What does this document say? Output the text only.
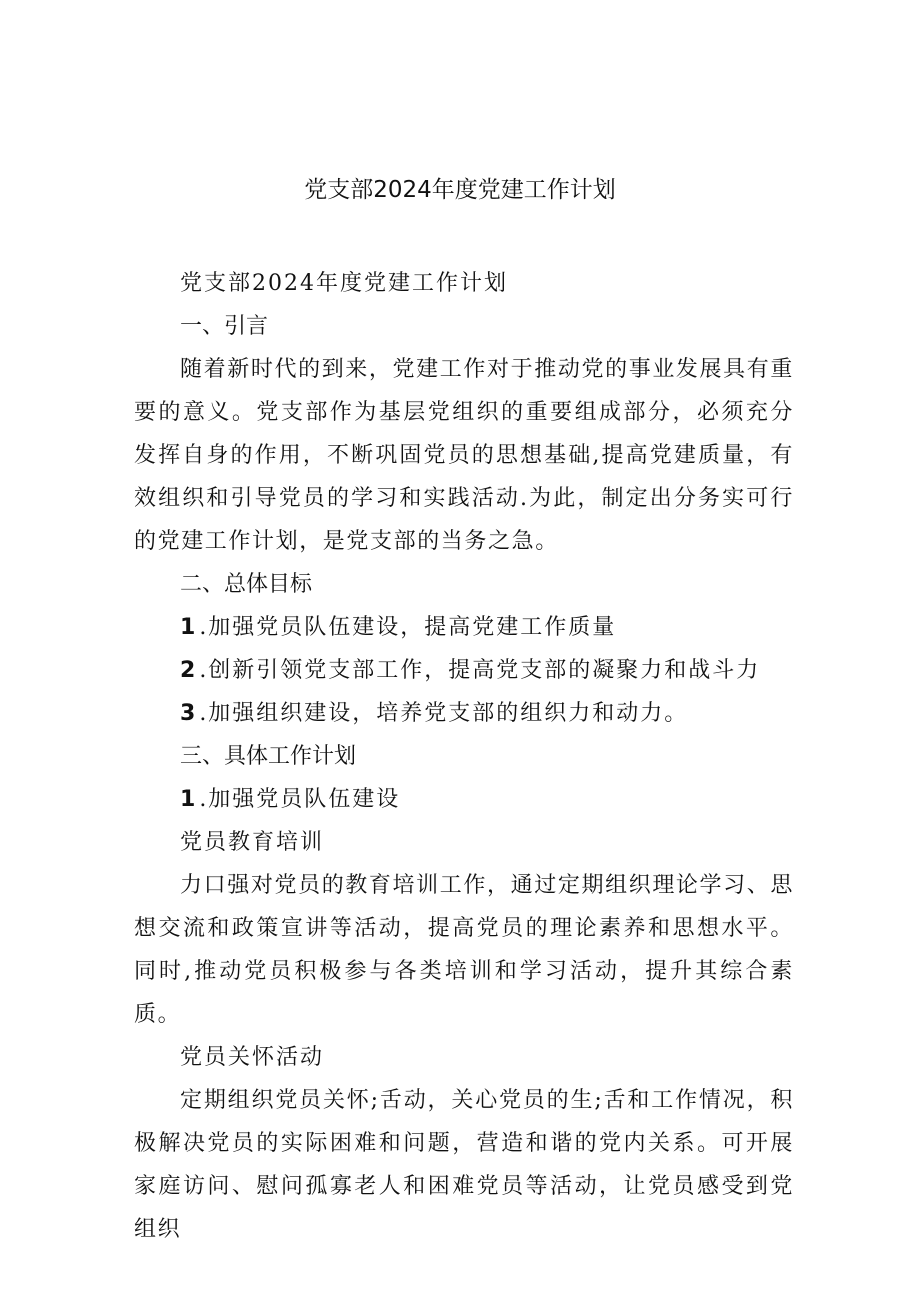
党支部2024年度党建工作计划
党支部2024年度党建工作计划
一、引言

随着新时代的到来，党建工作对于推动党的事业发展具有重要的意义。党支部作为基层党组织的重要组成部分，必须充分发挥自身的作用，不断巩固党员的思想基础,提高党建质量，有效组织和引导党员的学习和实践活动.为此，制定出分务实可行的党建工作计划，是党支部的当务之急。

二、总体目标
1 .加强党员队伍建设，提高党建工作质量
2 .创新引领党支部工作，提高党支部的凝聚力和战斗力
3 .加强组织建设，培养党支部的组织力和动力。
三、具体工作计划
1 .加强党员队伍建设
党员教育培训

力口强对党员的教育培训工作，通过定期组织理论学习、思想交流和政策宣讲等活动，提高党员的理论素养和思想水平。同时,推动党员积极参与各类培训和学习活动，提升其综合素质。

党员关怀活动

定期组织党员关怀;舌动，关心党员的生;舌和工作情况，积极解决党员的实际困难和问题，营造和谐的党内关系。可开展家庭访问、慰问孤寡老人和困难党员等活动，让党员感受到党组织
